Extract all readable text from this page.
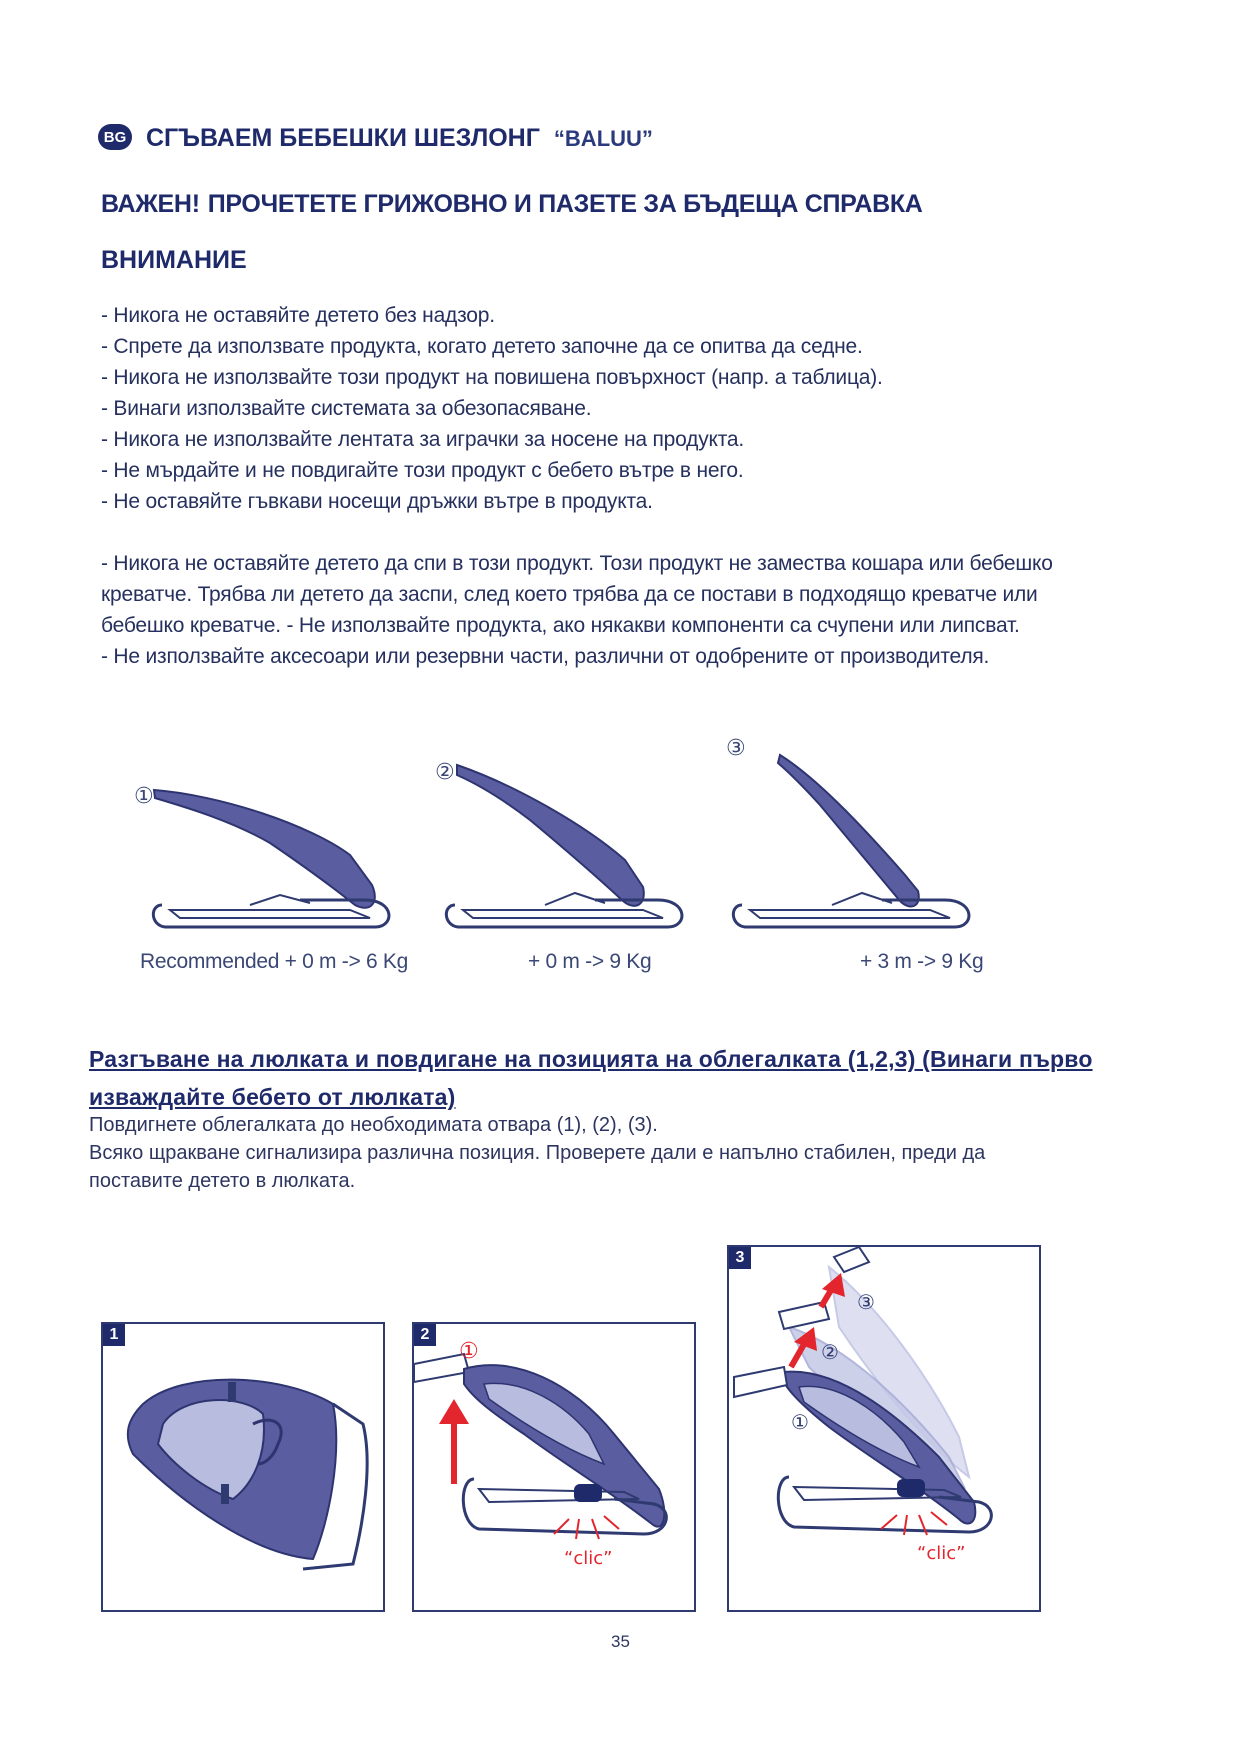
BG СГЪВАЕМ БЕБЕШКИ ШЕЗЛОНГ “BALUU”
ВАЖЕН! ПРОЧЕТЕТЕ ГРИЖОВНО И ПАЗЕТЕ ЗА БЪДЕЩА СПРАВКА
ВНИМАНИЕ
- Никога не оставяйте детето без надзор.
- Спрете да използвате продукта, когато детето започне да се опитва да седне.
- Никога не използвайте този продукт на повишена повърхност (напр. а таблица).
- Винаги използвайте системата за обезопасяване.
- Никога не използвайте лентата за играчки за носене на продукта.
- Не мърдайте и не повдигайте този продукт с бебето вътре в него.
- Не оставяйте гъвкави носещи дръжки вътре в продукта.

- Никога не оставяйте детето да спи в този продукт. Този продукт не замества кошара или бебешко

креватче. Трябва ли детето да заспи, след което трябва да се постави в подходящо креватче или

бебешко креватче. - Не използвайте продукта, ако някакви компоненти са счупени или липсват.

- Не използвайте аксесоари или резервни части, различни от одобрените от производителя.

①
②
③
Recommended + 0 m -> 6 Kg	+ 0 m -> 9 Kg	+ 3 m -> 9 Kg
Разгъване на люлката и повдигане на позицията на облегалката (1,2,3) (Винаги първо изваждайте бебето от люлката)

Повдигнете облегалката до необходимата отвара (1), (2), (3).

Всяко щракване сигнализира различна позиция. Проверете дали е напълно стабилен, преди да

поставите детето в люлката.

1	2
①
“clic”
3
①
②
③
“clic”
35
